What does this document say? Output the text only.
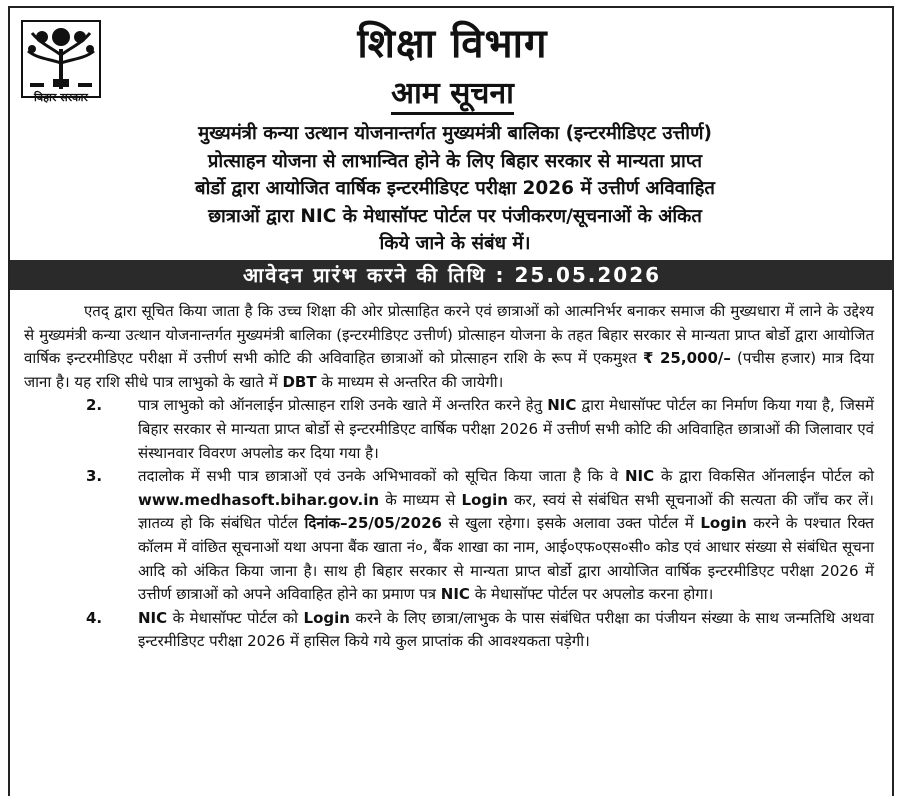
बिहार सरकार
शिक्षा विभाग
आम सूचना
मुख्यमंत्री कन्या उत्थान योजनान्तर्गत मुख्यमंत्री बालिका (इन्टरमीडिएट उत्तीर्ण)
प्रोत्साहन योजना से लाभान्वित होने के लिए बिहार सरकार से मान्यता प्राप्त
बोर्डो द्वारा आयोजित वार्षिक इन्टरमीडिएट परीक्षा 2026 में उत्तीर्ण अविवाहित
छात्राओं द्वारा NIC के मेधासॉफ्ट पोर्टल पर पंजीकरण/सूचनाओं के अंकित
किये जाने के संबंध में।
आवेदन प्रारंभ करने की तिथि : 25.05.2026

एतद् द्वारा सूचित किया जाता है कि उच्च शिक्षा की ओर प्रोत्साहित करने एवं छात्राओं को आत्मनिर्भर बनाकर समाज की मुख्यधारा में लाने के उद्देश्य से मुख्यमंत्री कन्या उत्थान योजनान्तर्गत मुख्यमंत्री बालिका (इन्टरमीडिएट उत्तीर्ण) प्रोत्साहन योजना के तहत बिहार सरकार से मान्यता प्राप्त बोर्डो द्वारा आयोजित वार्षिक इन्टरमीडिएट परीक्षा में उत्तीर्ण सभी कोटि की अविवाहित छात्राओं को प्रोत्साहन राशि के रूप में एकमुश्त ₹ 25,000/– (पचीस हजार) मात्र दिया जाना है। यह राशि सीधे पात्र लाभुको के खाते में DBT के माध्यम से अन्तरित की जायेगी।

2.	पात्र लाभुको को ऑनलाईन प्रोत्साहन राशि उनके खाते में अन्तरित करने हेतु NIC द्वारा मेधासॉफ्ट पोर्टल का निर्माण किया गया है, जिसमें बिहार सरकार से मान्यता प्राप्त बोर्डो से इन्टरमीडिएट वार्षिक परीक्षा 2026 में उत्तीर्ण सभी कोटि की अविवाहित छात्राओं की जिलावार एवं संस्थानवार विवरण अपलोड कर दिया गया है।
3.	तदालोक में सभी पात्र छात्राओं एवं उनके अभिभावकों को सूचित किया जाता है कि वे NIC के द्वारा विकसित ऑनलाईन पोर्टल को www.medhasoft.bihar.gov.in के माध्यम से Login कर, स्वयं से संबंधित सभी सूचनाओं की सत्यता की जाँच कर लें। ज्ञातव्य हो कि संबंधित पोर्टल दिनांक–25/05/2026 से खुला रहेगा। इसके अलावा उक्त पोर्टल में Login करने के पश्चात रिक्त कॉलम में वांछित सूचनाओं यथा अपना बैंक खाता नं०, बैंक शाखा का नाम, आई०एफ०एस०सी० कोड एवं आधार संख्या से संबंधित सूचना आदि को अंकित किया जाना है। साथ ही बिहार सरकार से मान्यता प्राप्त बोर्डो द्वारा आयोजित वार्षिक इन्टरमीडिएट परीक्षा 2026 में उत्तीर्ण छात्राओं को अपने अविवाहित होने का प्रमाण पत्र NIC के मेधासॉफ्ट पोर्टल पर अपलोड करना होगा।
4.	NIC के मेधासॉफ्ट पोर्टल को Login करने के लिए छात्रा/लाभुक के पास संबंधित परीक्षा का पंजीयन संख्या के साथ जन्मतिथि अथवा इन्टरमीडिएट परीक्षा 2026 में हासिल किये गये कुल प्राप्तांक की आवश्यकता पड़ेगी।
